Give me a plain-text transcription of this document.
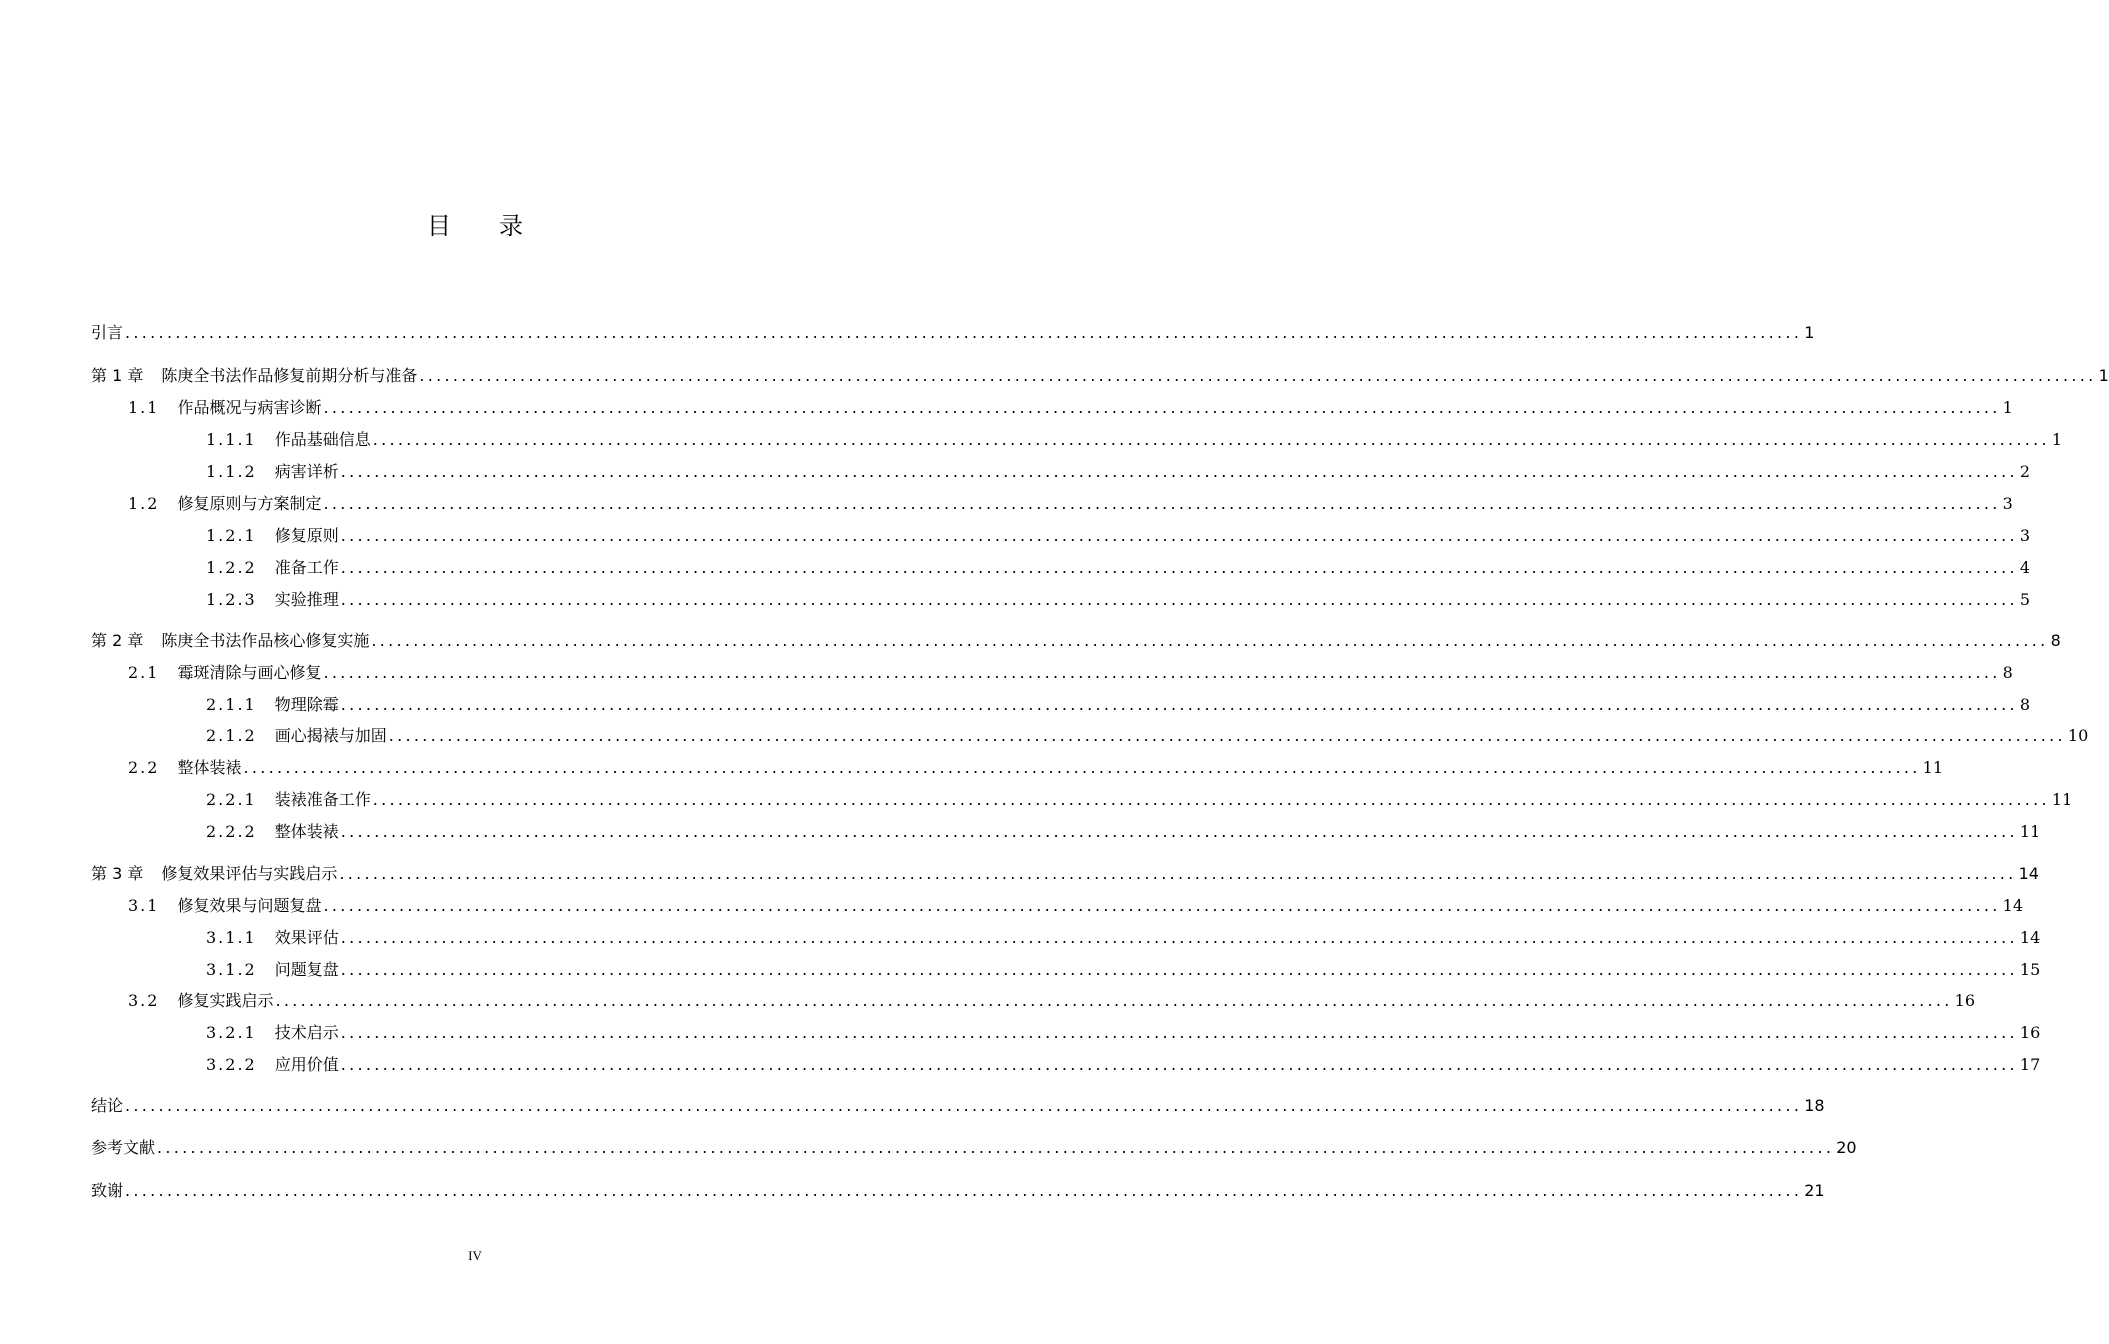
目录
引言 ........................................................................................................................................................................................................ 1
第 1 章 陈庚全书法作品修复前期分析与准备 ........................................................................................................................................................................................................ 1
1.1 作品概况与病害诊断 ........................................................................................................................................................................................................ 1
1.1.1 作品基础信息 ........................................................................................................................................................................................................ 1
1.1.2 病害详析 ........................................................................................................................................................................................................ 2
1.2 修复原则与方案制定 ........................................................................................................................................................................................................ 3
1.2.1 修复原则 ........................................................................................................................................................................................................ 3
1.2.2 准备工作 ........................................................................................................................................................................................................ 4
1.2.3 实验推理 ........................................................................................................................................................................................................ 5
第 2 章 陈庚全书法作品核心修复实施 ........................................................................................................................................................................................................ 8
2.1 霉斑清除与画心修复 ........................................................................................................................................................................................................ 8
2.1.1 物理除霉 ........................................................................................................................................................................................................ 8
2.1.2 画心揭裱与加固 ........................................................................................................................................................................................................ 10
2.2 整体装裱 ........................................................................................................................................................................................................ 11
2.2.1 装裱准备工作 ........................................................................................................................................................................................................ 11
2.2.2 整体装裱 ........................................................................................................................................................................................................ 11
第 3 章 修复效果评估与实践启示 ........................................................................................................................................................................................................ 14
3.1 修复效果与问题复盘 ........................................................................................................................................................................................................ 14
3.1.1 效果评估 ........................................................................................................................................................................................................ 14
3.1.2 问题复盘 ........................................................................................................................................................................................................ 15
3.2 修复实践启示 ........................................................................................................................................................................................................ 16
3.2.1 技术启示 ........................................................................................................................................................................................................ 16
3.2.2 应用价值 ........................................................................................................................................................................................................ 17
结论 ........................................................................................................................................................................................................ 18
参考文献 ........................................................................................................................................................................................................ 20
致谢 ........................................................................................................................................................................................................ 21
IV
